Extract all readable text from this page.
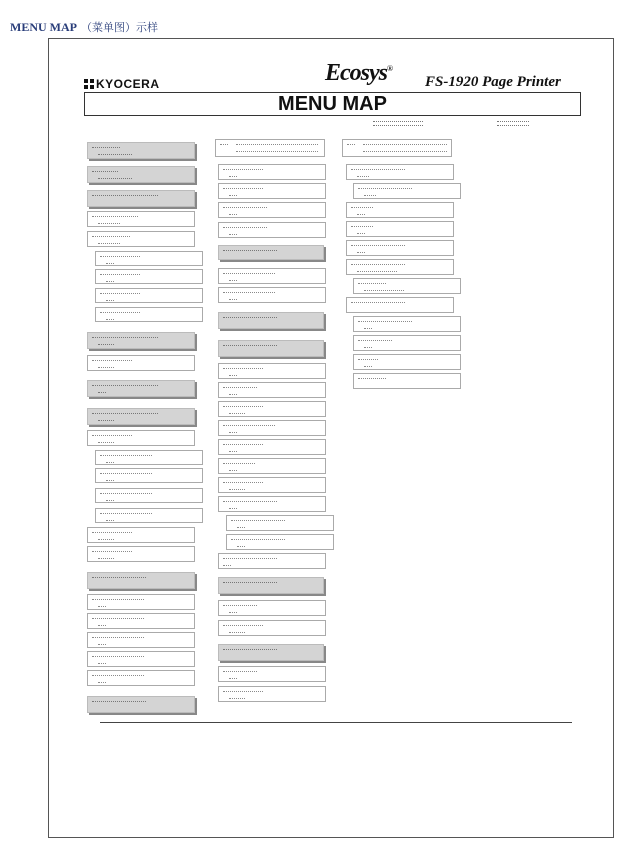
MENU MAP （菜单图）示样
KYOCERA	Ecosys®
FS-1920 Page Printer
MENU MAP
